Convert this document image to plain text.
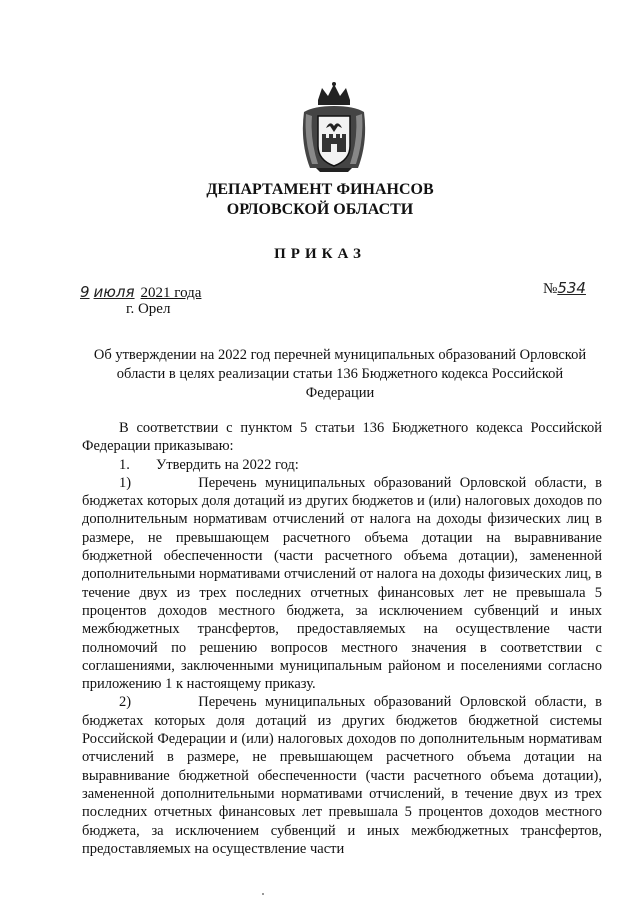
ДЕПАРТАМЕНТ ФИНАНСОВ
ОРЛОВСКОЙ ОБЛАСТИ
ПРИКАЗ
9 июля 2021 года	№534
г. Орел
Об утверждении на 2022 год перечней муниципальных образований Орловской
области в целях реализации статьи 136 Бюджетного кодекса Российской
Федерации

В соответствии с пунктом 5 статьи 136 Бюджетного кодекса Российской Федерации приказываю:

1.	Утвердить на 2022 год:

1)        Перечень муниципальных образований Орловской области, в бюджетах которых доля дотаций из других бюджетов и (или) налоговых доходов по дополнительным нормативам отчислений от налога на доходы физических лиц в размере, не превышающем расчетного объема дотации на выравнивание бюджетной обеспеченности (части расчетного объема дотации), замененной дополнительными нормативами отчислений от налога на доходы физических лиц, в течение двух из трех последних отчетных финансовых лет не превышала 5 процентов доходов местного бюджета, за исключением субвенций и иных межбюджетных трансфертов, предоставляемых на осуществление части полномочий по решению вопросов местного значения в соответствии с соглашениями, заключенными муниципальным районом и поселениями согласно приложению 1 к настоящему приказу.

2)        Перечень муниципальных образований Орловской области, в бюджетах которых доля дотаций из других бюджетов бюджетной системы Российской Федерации и (или) налоговых доходов по дополнительным нормативам отчислений в размере, не превышающем расчетного объема дотации на выравнивание бюджетной обеспеченности (части расчетного объема дотации), замененной дополнительными нормативами отчислений, в течение двух из трех последних отчетных финансовых лет превышала 5 процентов доходов местного бюджета, за исключением субвенций и иных межбюджетных трансфертов, предоставляемых на осуществление части
